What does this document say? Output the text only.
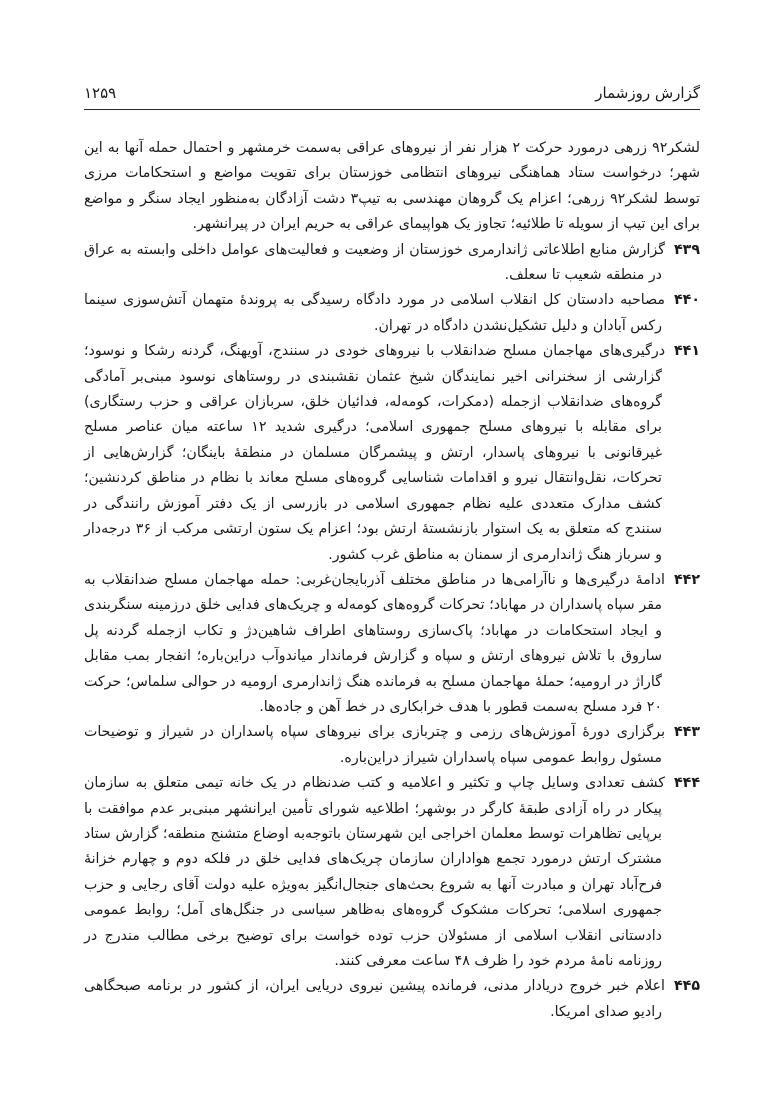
گزارش روزشمار
۱۲۵۹

لشکر۹۲ زرهی درمورد حرکت ۲ هزار نفر از نیروهای عراقی به‌سمت خرمشهر و احتمال حمله آنها به این شهر؛ درخواست ستاد هماهنگی نیروهای انتظامی خوزستان برای تقویت مواضع و استحکامات مرزی توسط لشکر۹۲ زرهی؛ اعزام یک گروهان مهندسی به تیپ۳ دشت آزادگان به‌منظور ایجاد سنگر و مواضع برای این تیپ از سویله تا طلائیه؛ تجاوز یک هواپیمای عراقی به حریم ایران در پیرانشهر.

۴۳۹گزارش منابع اطلاعاتی ژاندارمری خوزستان از وضعیت و فعالیت‌های عوامل داخلی وابسته به عراق در منطقه شعیب تا سعلف.

۴۴۰مصاحبه دادستان کل انقلاب اسلامی در مورد دادگاه رسیدگی به پروندهٔ متهمان آتش‌سوزی سینما رکس آبادان و دلیل تشکیل‌نشدن دادگاه در تهران.

۴۴۱درگیری‌های مهاجمان مسلح ضدانقلاب با نیروهای خودی در سنندج، آویهنگ، گردنه رشکا و نوسود؛ گزارشی از سخنرانی اخیر نمایندگان شیخ عثمان نقشبندی در روستاهای نوسود مبنی‌بر آمادگی گروه‌های ضدانقلاب ازجمله (دمکرات، کومه‌له، فدائیان خلق، سربازان عراقی و حزب رستگاری) برای مقابله با نیروهای مسلح جمهوری اسلامی؛ درگیری شدید ۱۲ ساعته میان عناصر مسلح غیرقانونی با نیروهای پاسدار، ارتش و پیشمرگان مسلمان در منطقهٔ باینگان؛ گزارش‌هایی از تحرکات، نقل‌وانتقال نیرو و اقدامات شناسایی گروه‌های مسلح معاند با نظام در مناطق کردنشین؛ کشف مدارک متعددی علیه نظام جمهوری اسلامی در بازرسی از یک دفتر آموزش رانندگی در سنندج که متعلق به یک استوار بازنشستهٔ ارتش بود؛ اعزام یک ستون ارتشی مرکب از ۳۶ درجه‌دار و سرباز هنگ ژاندارمری از سمنان به مناطق غرب کشور.

۴۴۲ادامهٔ درگیری‌ها و ناآرامی‌ها در مناطق مختلف آذربایجان‌غربی: حمله مهاجمان مسلح ضدانقلاب به مقر سپاه پاسداران در مهاباد؛ تحرکات گروه‌های کومه‌له و چریک‌های فدایی خلق درزمینه سنگربندی و ایجاد استحکامات در مهاباد؛ پاک‌سازی روستاهای اطراف شاهین‌دژ و تکاب ازجمله گردنه پل ساروق با تلاش نیروهای ارتش و سپاه و گزارش فرماندار میاندوآب دراین‌باره؛ انفجار بمب مقابل گاراژ در ارومیه؛ حملهٔ مهاجمان مسلح به فرمانده هنگ ژاندارمری ارومیه در حوالی سلماس؛ حرکت ۲۰ فرد مسلح به‌سمت قطور با هدف خرابکاری در خط آهن و جاده‌ها.

۴۴۳برگزاری دورهٔ آموزش‌های رزمی و چتربازی برای نیروهای سپاه پاسداران در شیراز و توضیحات مسئول روابط عمومی سپاه پاسداران شیراز دراین‌باره.

۴۴۴کشف تعدادی وسایل چاپ و تکثیر و اعلامیه و کتب ضدنظام در یک خانه تیمی متعلق به سازمان پیکار در راه آزادی طبقهٔ کارگر در بوشهر؛ اطلاعیه شورای تأمین ایرانشهر مبنی‌بر عدم موافقت با برپایی تظاهرات توسط معلمان اخراجی این شهرستان باتوجه‌به اوضاع متشنج منطقه؛ گزارش ستاد مشترک ارتش درمورد تجمع هواداران سازمان چریک‌های فدایی خلق در فلکه دوم و چهارم خزانهٔ فرح‌آباد تهران و مبادرت آنها به شروع بحث‌های جنجال‌انگیز به‌ویژه علیه دولت آقای رجایی و حزب جمهوری اسلامی؛ تحرکات مشکوک گروه‌های به‌ظاهر سیاسی در جنگل‌های آمل؛ روابط عمومی دادستانی انقلاب اسلامی از مسئولان حزب توده خواست برای توضیح برخی مطالب مندرج در روزنامه نامهٔ مردم خود را ظرف ۴۸ ساعت معرفی کنند.

۴۴۵اعلام خبر خروج دریادار مدنی، فرمانده پیشین نیروی دریایی ایران، از کشور در برنامه صبحگاهی رادیو صدای امریکا.
